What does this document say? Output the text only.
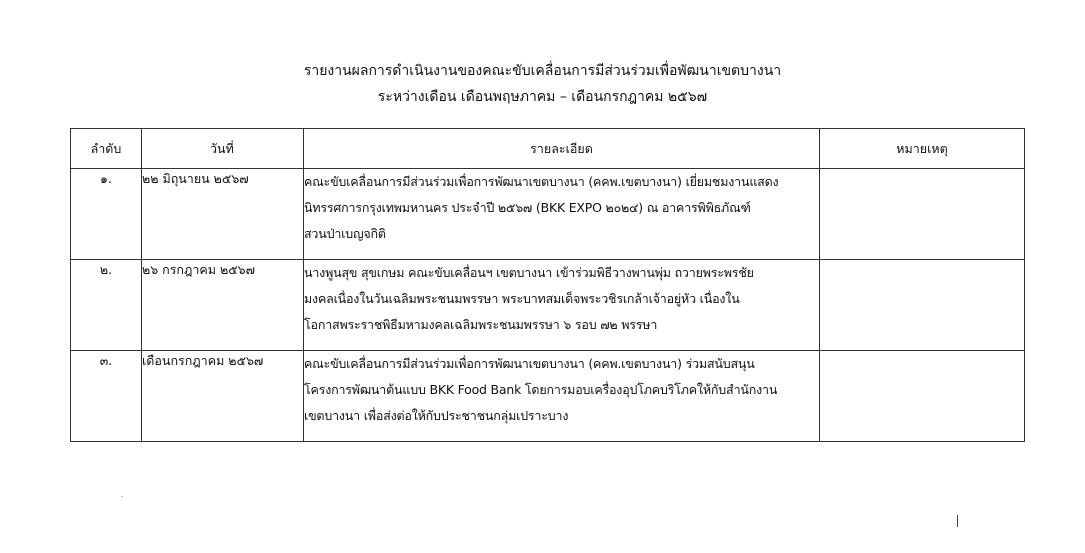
รายงานผลการดำเนินงานของคณะขับเคลื่อนการมีส่วนร่วมเพื่อพัฒนาเขตบางนา
ระหว่างเดือน เดือนพฤษภาคม – เดือนกรกฎาคม ๒๕๖๗
ลำดับ	วันที่	รายละเอียด	หมายเหตุ
๑.	๒๒ มิถุนายน ๒๕๖๗	คณะขับเคลื่อนการมีส่วนร่วมเพื่อการพัฒนาเขตบางนา (คคพ.เขตบางนา) เยี่ยมชมงานแสดง
นิทรรศการกรุงเทพมหานคร ประจำปี ๒๕๖๗ (BKK EXPO ๒๐๒๔) ณ อาคารพิพิธภัณฑ์
สวนป่าเบญจกิติ	

๒.	๒๖ กรกฎาคม ๒๕๖๗	นางพูนสุข สุขเกษม คณะขับเคลื่อนฯ เขตบางนา เข้าร่วมพิธีวางพานพุ่ม ถวายพระพรชัย
มงคลเนื่องในวันเฉลิมพระชนมพรรษา พระบาทสมเด็จพระวชิรเกล้าเจ้าอยู่หัว เนื่องใน
โอกาสพระราชพิธีมหามงคลเฉลิมพระชนมพรรษา ๖ รอบ ๗๒ พรรษา	

๓.	เดือนกรกฎาคม ๒๕๖๗	คณะขับเคลื่อนการมีส่วนร่วมเพื่อการพัฒนาเขตบางนา (คคพ.เขตบางนา) ร่วมสนับสนุน
โครงการพัฒนาต้นแบบ BKK Food Bank โดยการมอบเครื่องอุปโภคบริโภคให้กับสำนักงาน
เขตบางนา เพื่อส่งต่อให้กับประชาชนกลุ่มเปราะบาง	
